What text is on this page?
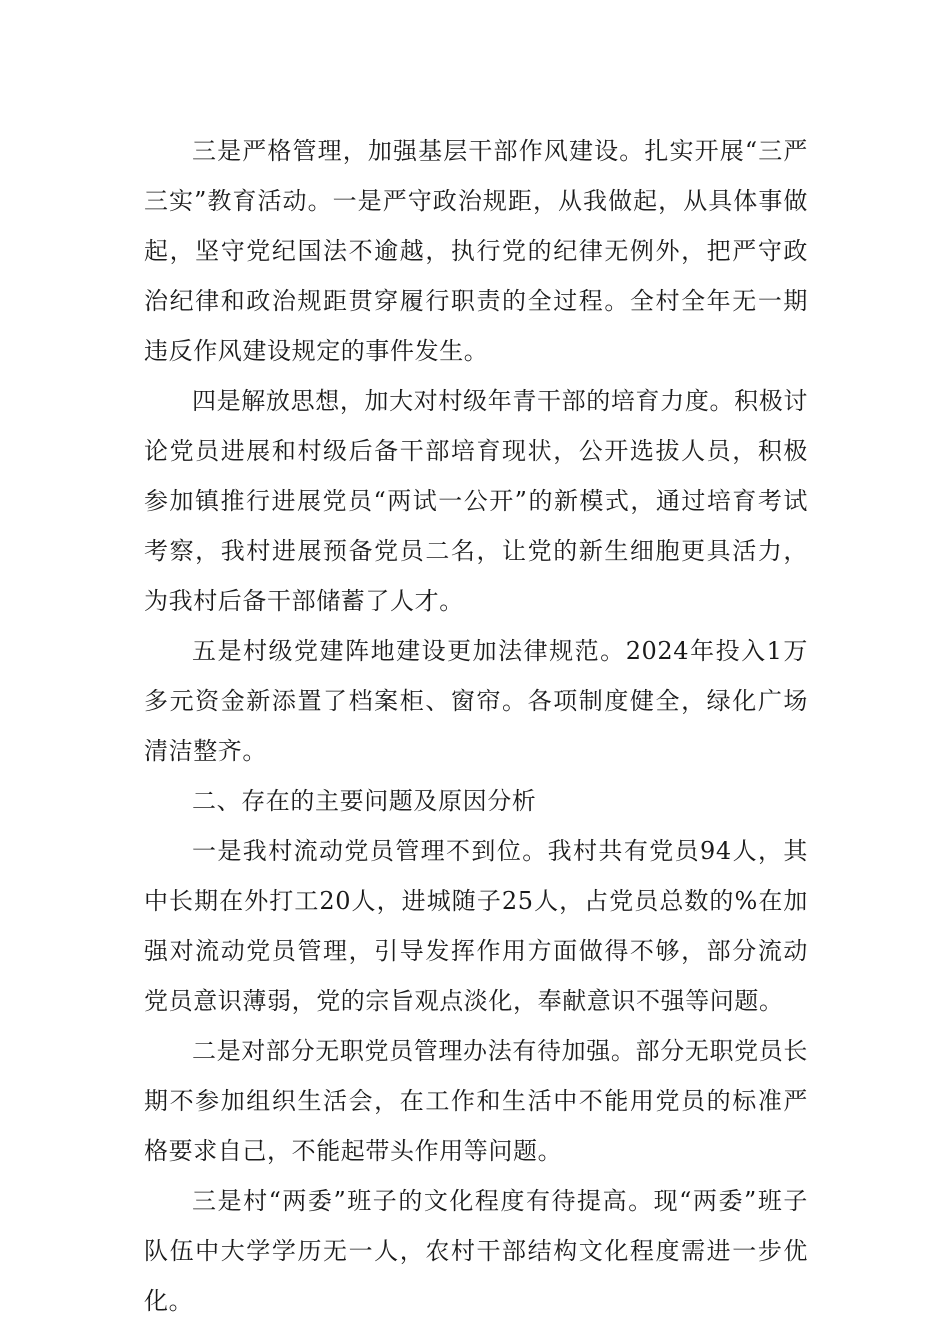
三是严格管理，加强基层干部作风建设。扎实开展“三严三实”教育活动。一是严守政治规距，从我做起，从具体事做起，坚守党纪国法不逾越，执行党的纪律无例外，把严守政治纪律和政治规距贯穿履行职责的全过程。全村全年无一期违反作风建设规定的事件发生。

四是解放思想，加大对村级年青干部的培育力度。积极讨论党员进展和村级后备干部培育现状，公开选拔人员，积极参加镇推行进展党员“两试一公开”的新模式，通过培育考试考察，我村进展预备党员二名，让党的新生细胞更具活力，为我村后备干部储蓄了人才。

五是村级党建阵地建设更加法律规范。2024年投入1万多元资金新添置了档案柜、窗帘。各项制度健全，绿化广场清洁整齐。

二、存在的主要问题及原因分析

一是我村流动党员管理不到位。我村共有党员94人，其中长期在外打工20人，进城随子25人，占党员总数的%在加强对流动党员管理，引导发挥作用方面做得不够，部分流动党员意识薄弱，党的宗旨观点淡化，奉献意识不强等问题。

二是对部分无职党员管理办法有待加强。部分无职党员长期不参加组织生活会，在工作和生活中不能用党员的标准严格要求自己，不能起带头作用等问题。

三是村“两委”班子的文化程度有待提高。现“两委”班子队伍中大学学历无一人，农村干部结构文化程度需进一步优化。
